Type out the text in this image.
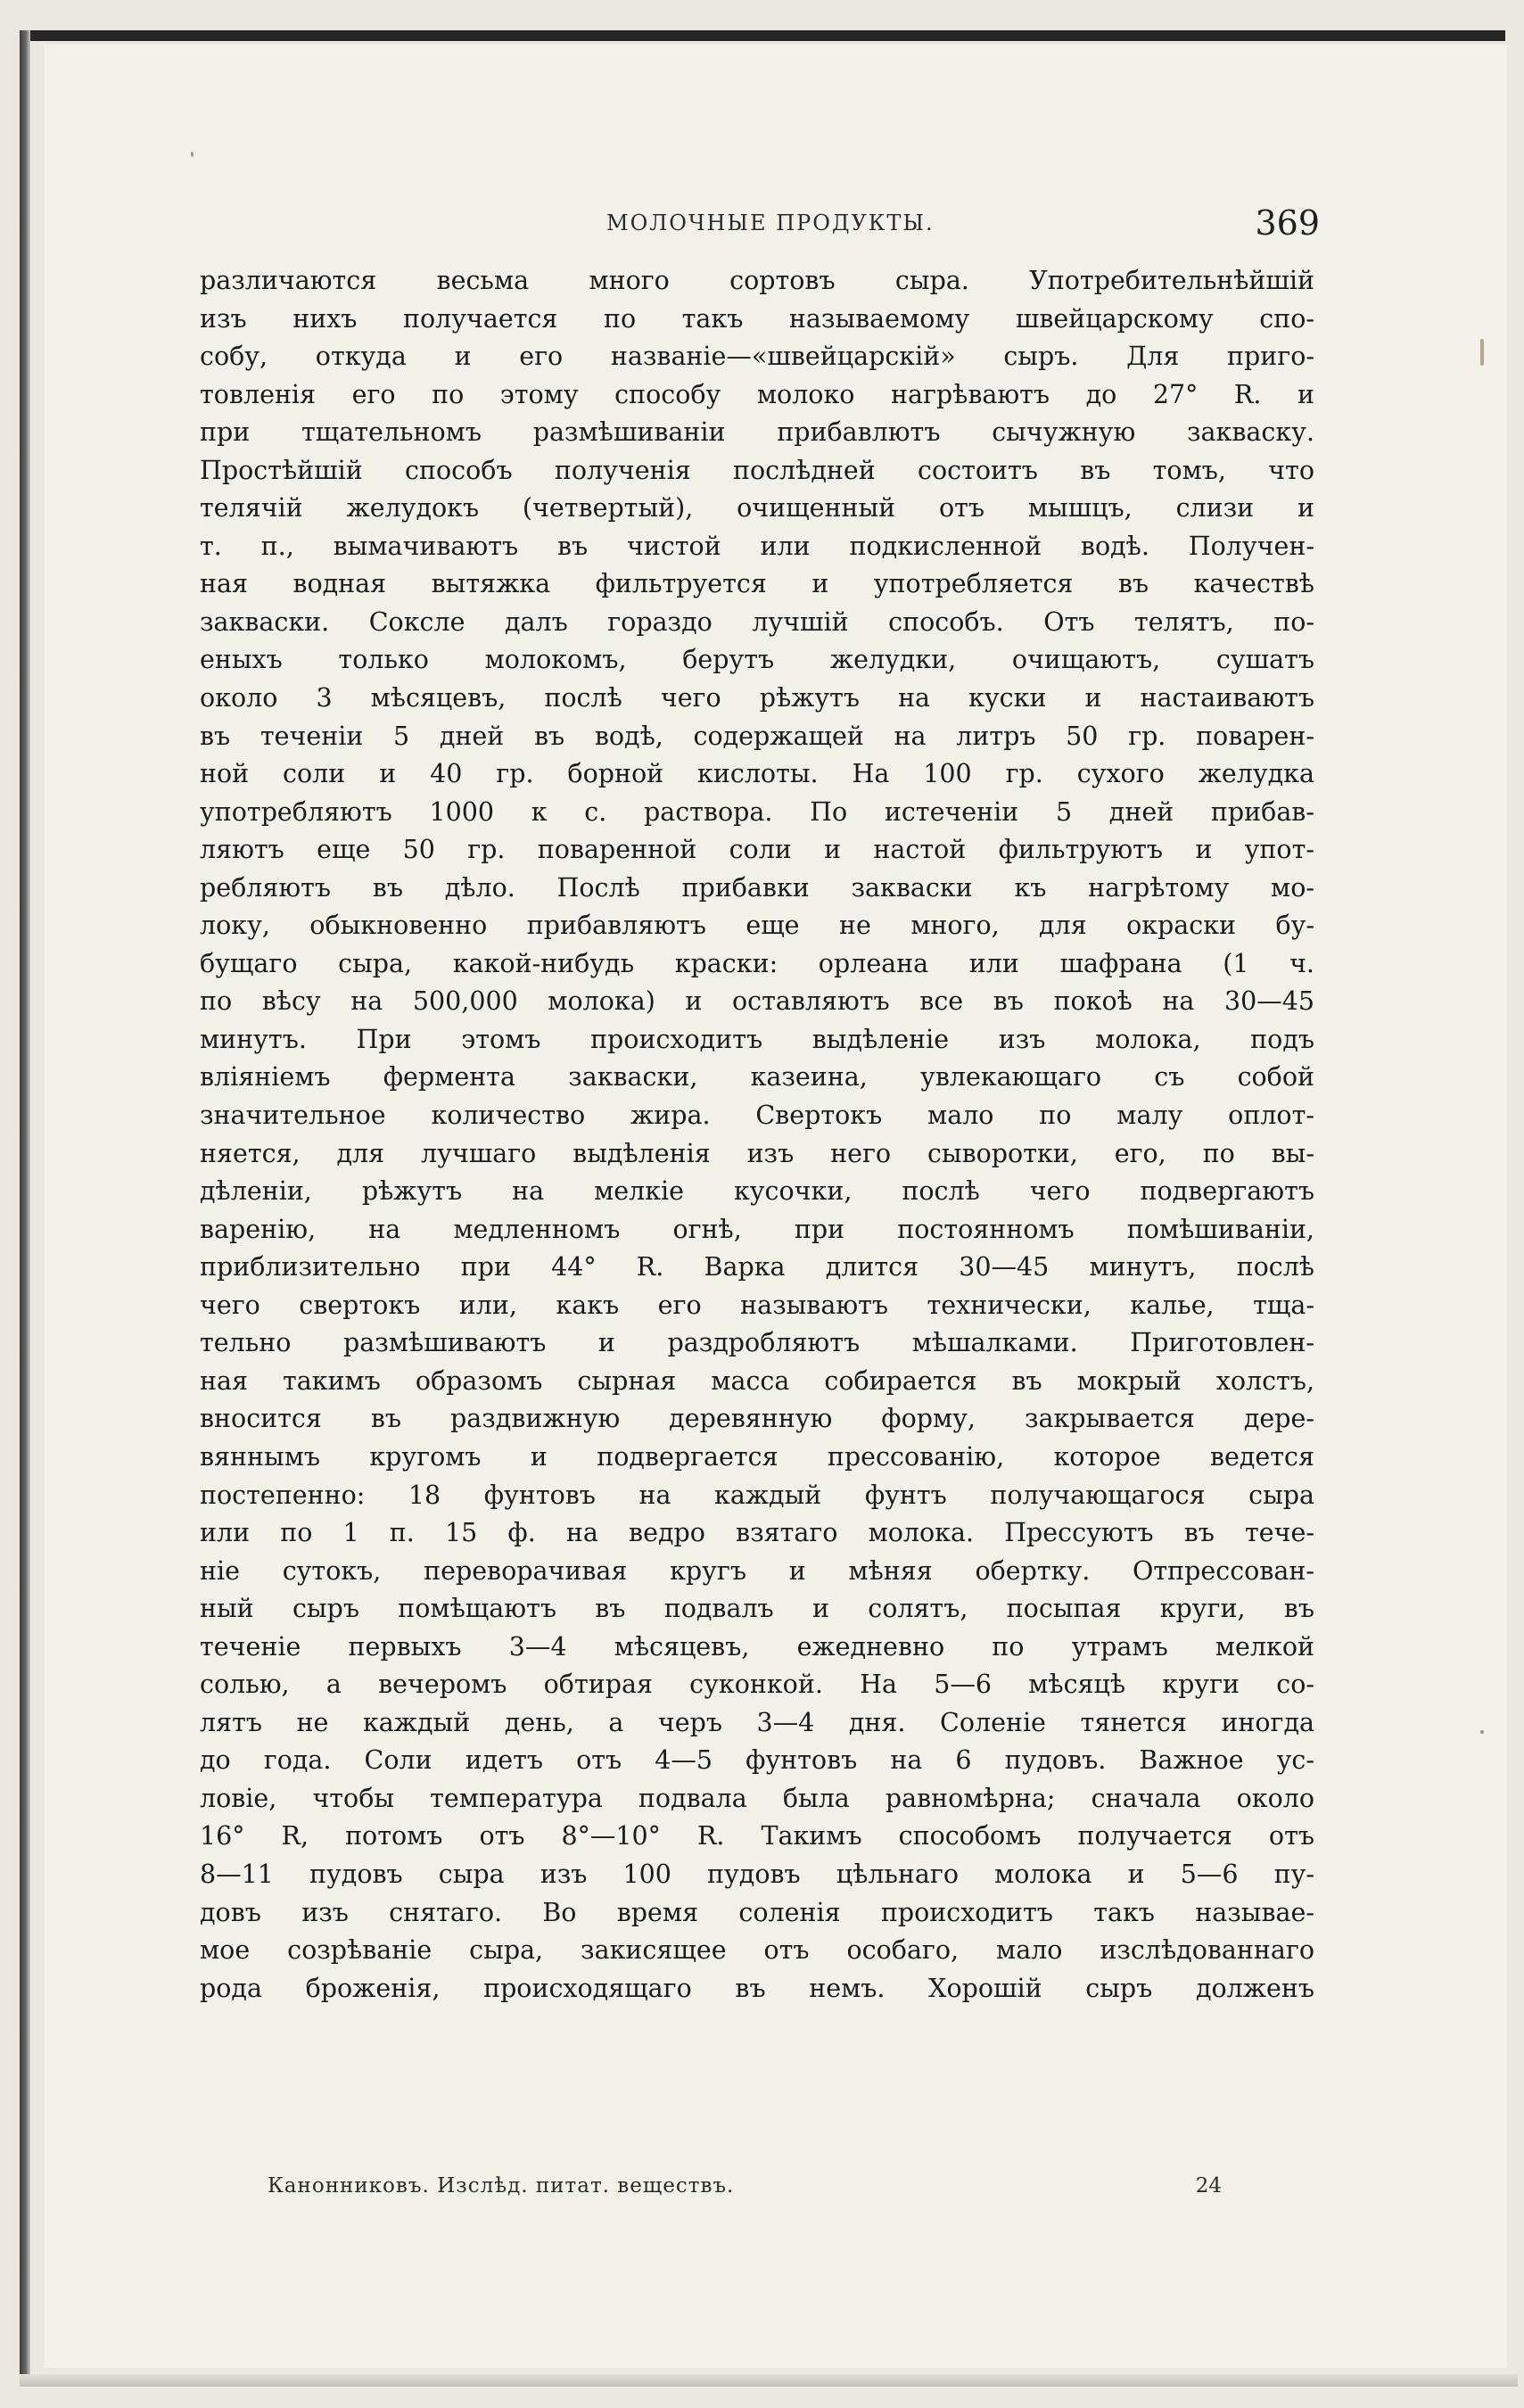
МОЛОЧНЫЕ ПРОДУКТЫ.	369
различаются весьма много сортовъ сыра. Употребительнѣйшій
изъ нихъ получается по такъ называемому швейцарскому спо-
собу, откуда и его названіе—«швейцарскій» сыръ. Для приго-
товленія его по этому способу молоко нагрѣваютъ до 27° R. и
при тщательномъ размѣшиваніи прибавлютъ сычужную закваску.
Простѣйшій способъ полученія послѣдней состоитъ въ томъ, что
телячій желудокъ (четвертый), очищенный отъ мышцъ, слизи и
т. п., вымачиваютъ въ чистой или подкисленной водѣ. Получен-
ная водная вытяжка фильтруется и употребляется въ качествѣ
закваски. Сокcле далъ гораздо лучшій способъ. Отъ телятъ, по-
еныхъ только молокомъ, берутъ желудки, очищаютъ, сушатъ
около 3 мѣсяцевъ, послѣ чего рѣжутъ на куски и настаиваютъ
въ теченіи 5 дней въ водѣ, содержащей на литръ 50 гр. поварен-
ной соли и 40 гр. борной кислоты. На 100 гр. сухого желудка
употребляютъ 1000 к с. раствора. По истеченіи 5 дней прибав-
ляютъ еще 50 гр. поваренной соли и настой фильтруютъ и упот-
ребляютъ въ дѣло. Послѣ прибавки закваски къ нагрѣтому мо-
локу, обыкновенно прибавляютъ еще не много, для окраски бу-
бущаго сыра, какой-нибудь краски: орлеана или шафрана (1 ч.
по вѣсу на 500,000 молока) и оставляютъ все въ покоѣ на 30—45
минутъ. При этомъ происходитъ выдѣленіе изъ молока, подъ
вліяніемъ фермента закваски, казеина, увлекающаго съ собой
значительное количество жира. Свертокъ мало по малу оплот-
няется, для лучшаго выдѣленія изъ него сыворотки, его, по вы-
дѣленіи, рѣжутъ на мелкіе кусочки, послѣ чего подвергаютъ
варенію, на медленномъ огнѣ, при постоянномъ помѣшиваніи,
приблизительно при 44° R. Варка длится 30—45 минутъ, послѣ
чего свертокъ или, какъ его называютъ технически, калье, тща-
тельно размѣшиваютъ и раздробляютъ мѣшалками. Приготовлен-
ная такимъ образомъ сырная масса собирается въ мокрый холстъ,
вносится въ раздвижную деревянную форму, закрывается дере-
вяннымъ кругомъ и подвергается прессованію, которое ведется
постепенно: 18 фунтовъ на каждый фунтъ получающагося сыра
или по 1 п. 15 ф. на ведро взятаго молока. Прессуютъ въ тече-
ніе сутокъ, переворачивая кругъ и мѣняя обертку. Отпрессован-
ный сыръ помѣщаютъ въ подвалъ и солятъ, посыпая круги, въ
теченіе первыхъ 3—4 мѣсяцевъ, ежедневно по утрамъ мелкой
солью, а вечеромъ обтирая суконкой. На 5—6 мѣсяцѣ круги со-
лятъ не каждый день, а черъ 3—4 дня. Соленіе тянется иногда
до года. Соли идетъ отъ 4—5 фунтовъ на 6 пудовъ. Важное ус-
ловіе, чтобы температура подвала была равномѣрна; сначала около
16° R, потомъ отъ 8°—10° R. Такимъ способомъ получается отъ
8—11 пудовъ сыра изъ 100 пудовъ цѣльнаго молока и 5—6 пу-
довъ изъ снятаго. Во время соленія происходитъ такъ называе-
мое созрѣваніе сыра, закисящее отъ особаго, мало изслѣдованнаго
рода броженія, происходящаго въ немъ. Хорошій сыръ долженъ
Канонниковъ. Изслѣд. питат. веществъ.	24
